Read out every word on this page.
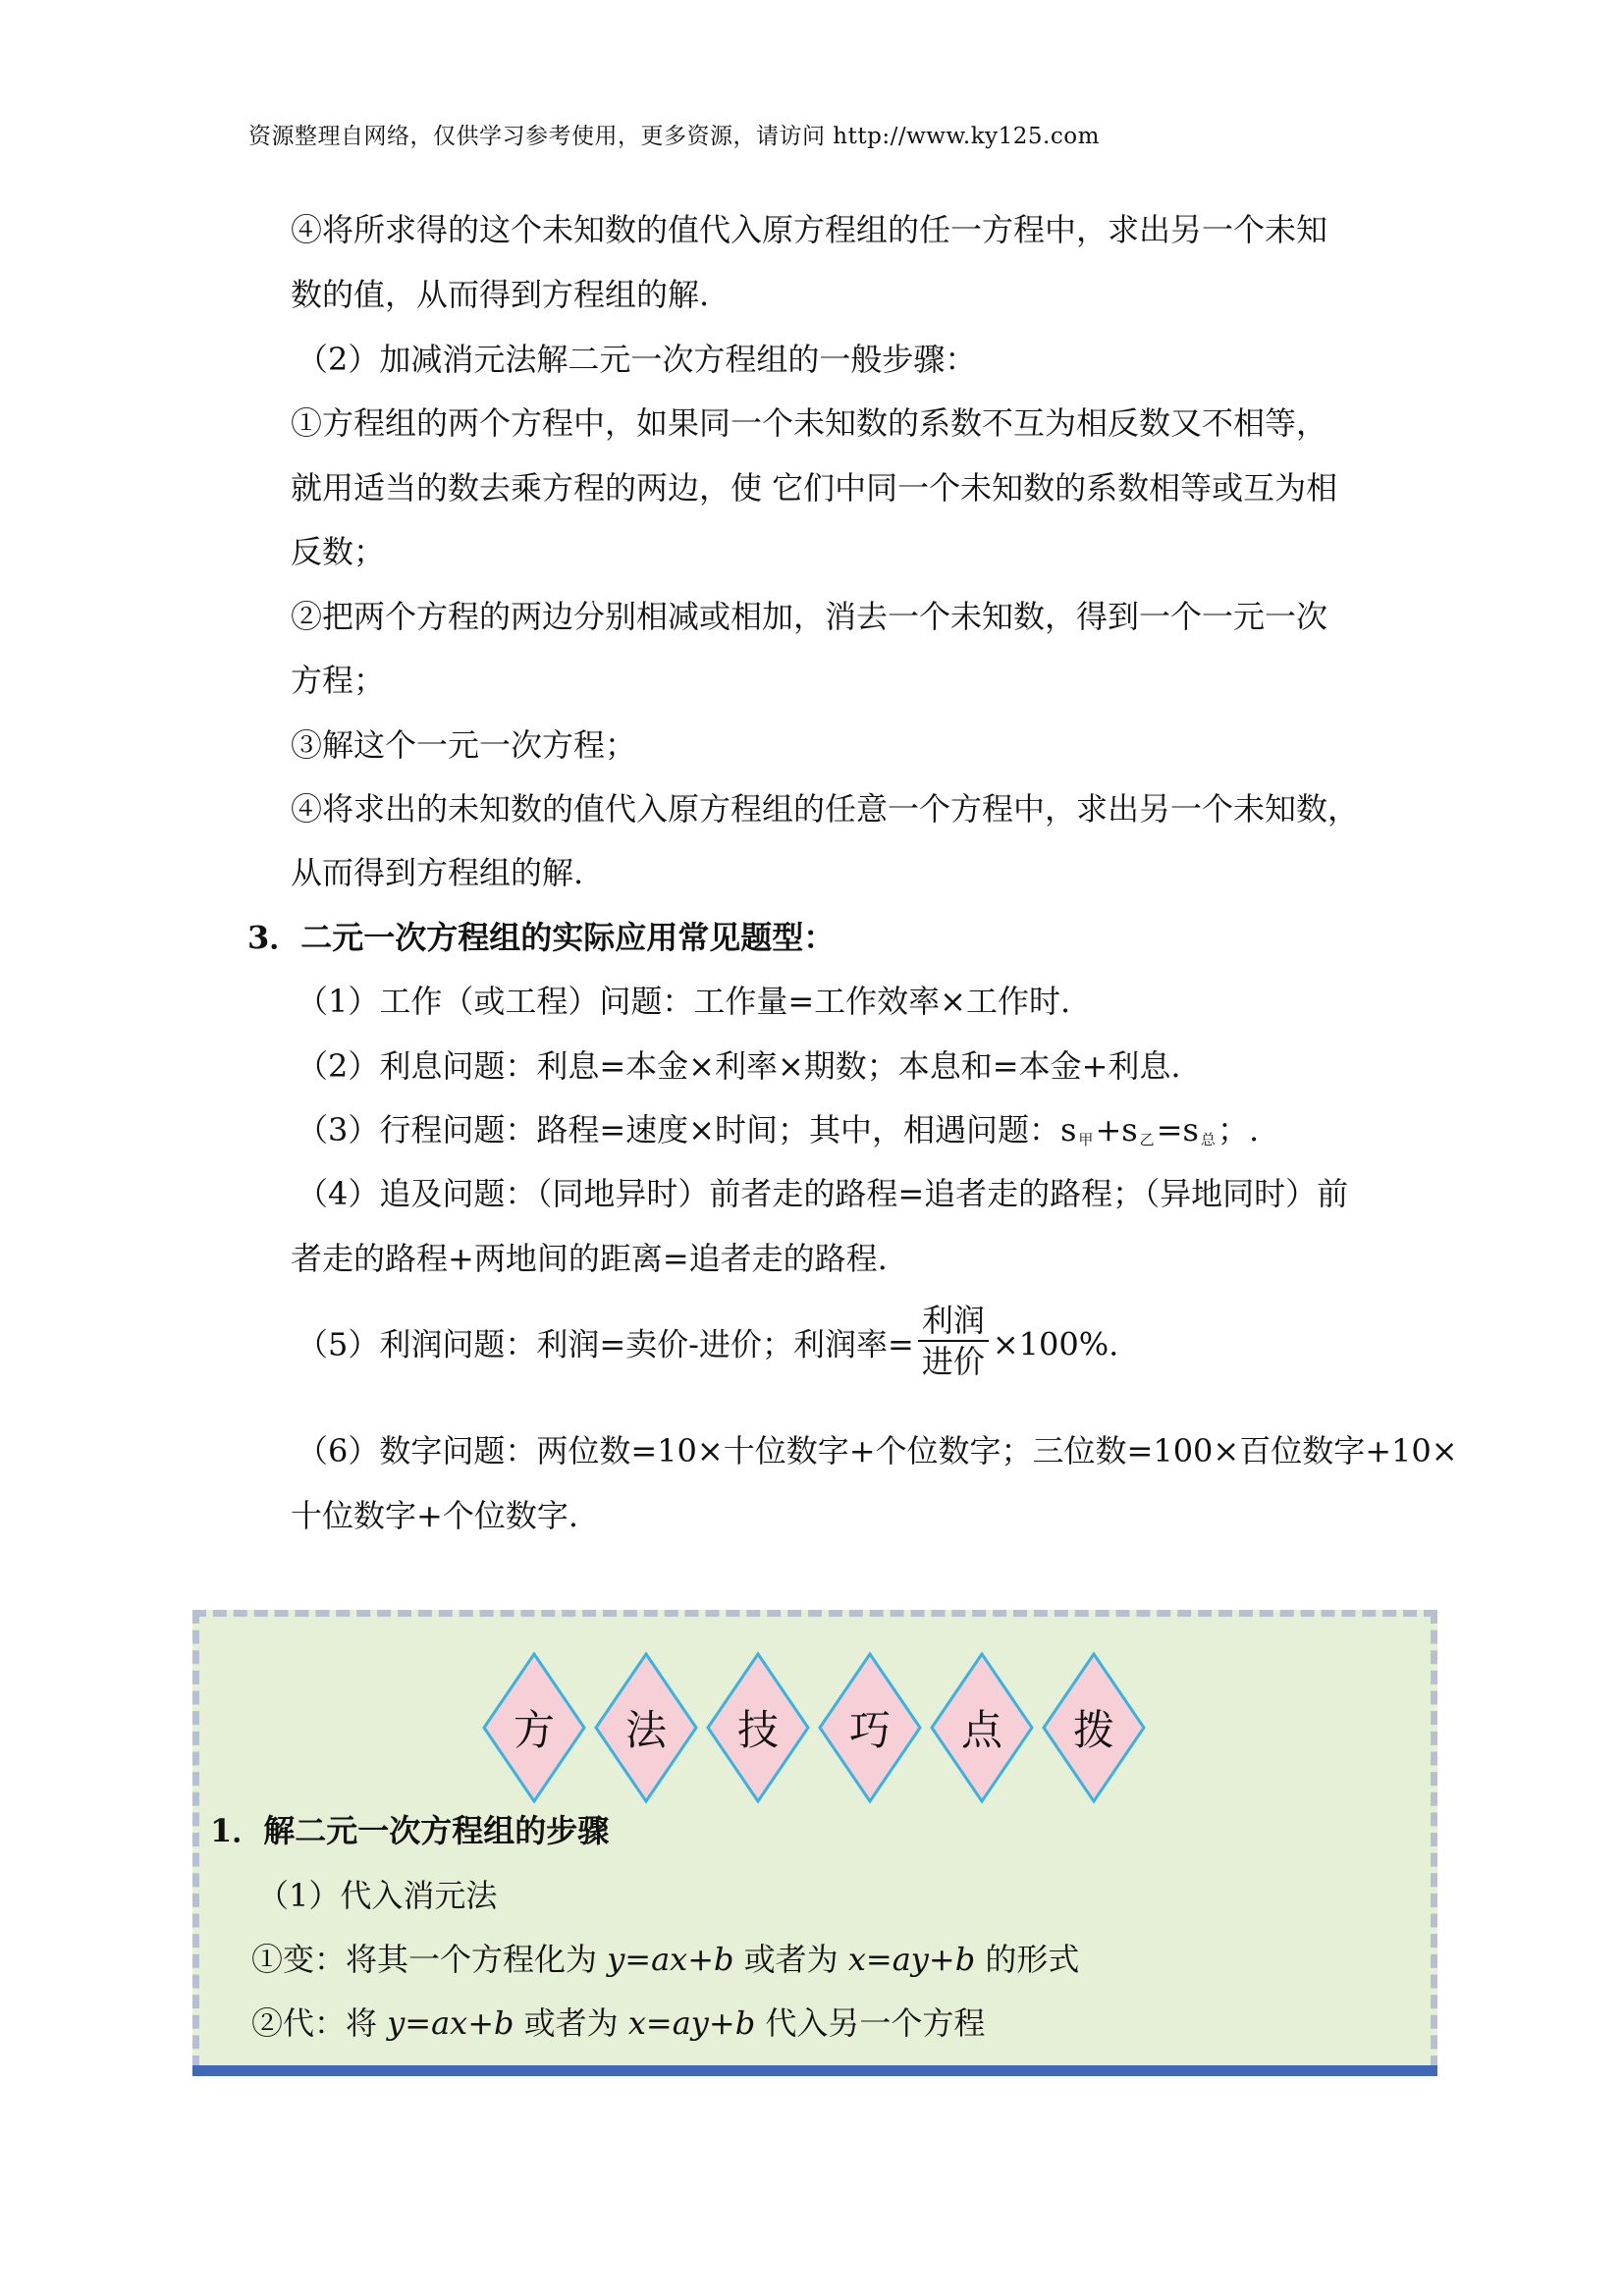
资源整理自网络，仅供学习参考使用，更多资源，请访问 http://www.ky125.com
④将所求得的这个未知数的值代入原方程组的任一方程中，求出另一个未知
数的值，从而得到方程组的解.
（2）加减消元法解二元一次方程组的一般步骤：
①方程组的两个方程中，如果同一个未知数的系数不互为相反数又不相等，
就用适当的数去乘方程的两边，使 它们中同一个未知数的系数相等或互为相
反数；
②把两个方程的两边分别相减或相加，消去一个未知数，得到一个一元一次
方程；
③解这个一元一次方程；
④将求出的未知数的值代入原方程组的任意一个方程中，求出另一个未知数，
从而得到方程组的解.
3．二元一次方程组的实际应用常见题型：
（1）工作（或工程）问题：工作量=工作效率×工作时.
（2）利息问题：利息=本金×利率×期数；本息和=本金+利息.
（3）行程问题：路程=速度×时间；其中，相遇问题：s $_甲$+s $_乙$=s $_总$；.
（4）追及问题：（同地异时）前者走的路程=追者走的路程；（异地同时）前
者走的路程+两地间的距离=追者走的路程.
（5）利润问题：利润=卖价-进价；利润率= $\frac{\text{利润}}{\text{进价}} \times 100\%$.
（6）数字问题：两位数=10×十位数字+个位数字；三位数=100×百位数字+10×
十位数字+个位数字.
方	法	技	巧	点	拨
1．解二元一次方程组的步骤
（1）代入消元法
①变：将其一个方程化为 y=ax+b 或者为 x=ay+b 的形式
②代：将 y=ax+b 或者为 x=ay+b 代入另一个方程
